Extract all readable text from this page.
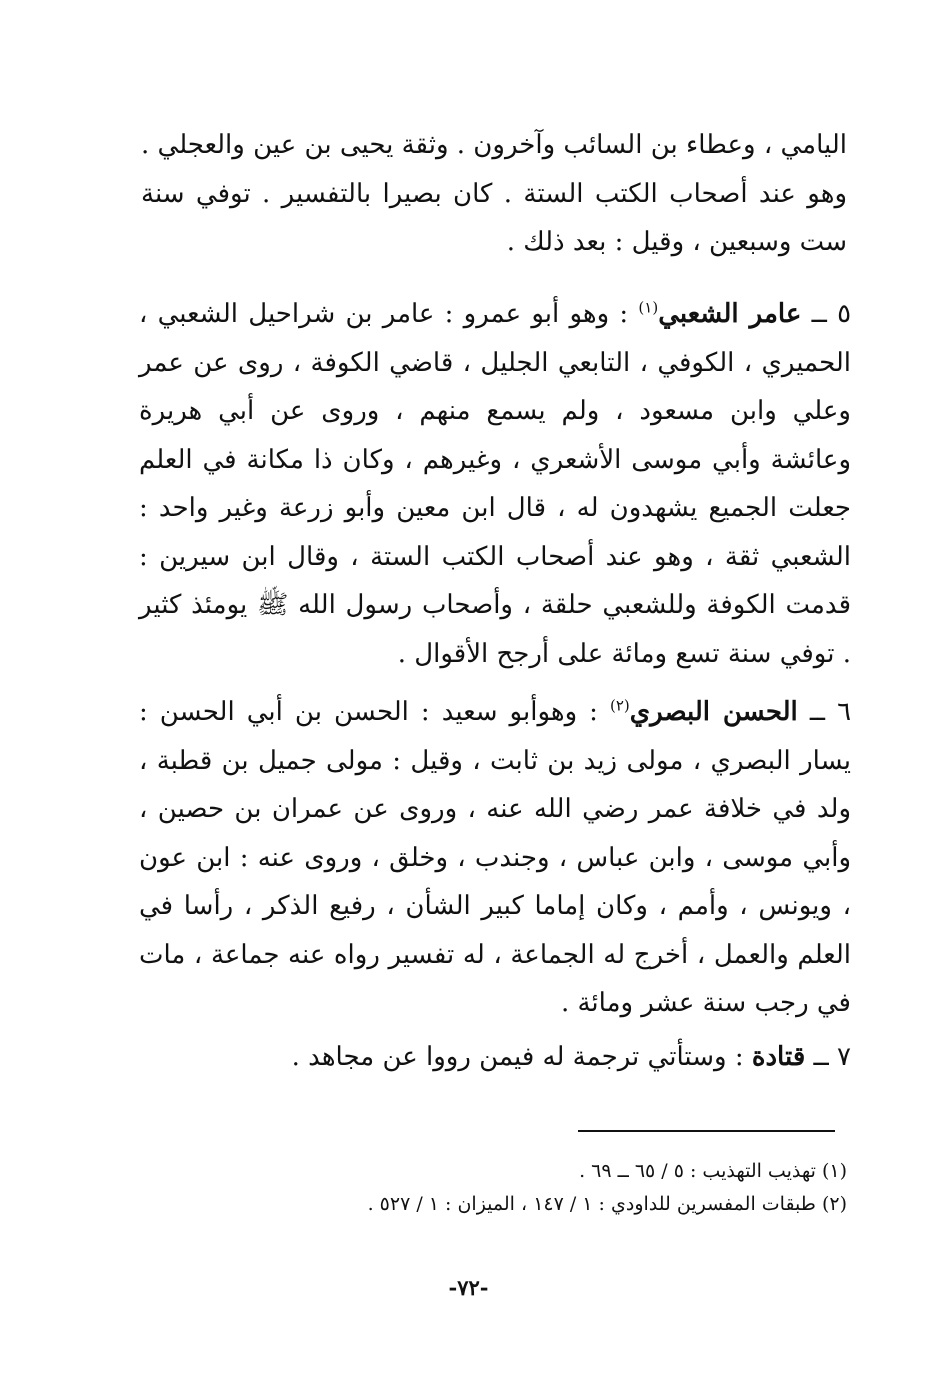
اليامي ، وعطاء بن السائب وآخرون . وثقة يحيى بن عين والعجلي . وهو عند أصحاب الكتب الستة . كان بصيرا بالتفسير . توفي سنة ست وسبعين ، وقيل : بعد ذلك .

٥ ــ عامر الشعبي$^{(١)}$ : وهو أبو عمرو : عامر بن شراحيل الشعبي ، الحميري ، الكوفي ، التابعي الجليل ، قاضي الكوفة ، روى عن عمر وعلي وابن مسعود ، ولم يسمع منهم ، وروى عن أبي هريرة وعائشة وأبي موسى الأشعري ، وغيرهم ، وكان ذا مكانة في العلم جعلت الجميع يشهدون له ، قال ابن معين وأبو زرعة وغير واحد : الشعبي ثقة ، وهو عند أصحاب الكتب الستة ، وقال ابن سيرين : قدمت الكوفة وللشعبي حلقة ، وأصحاب رسول الله ﷺ يومئذ كثير . توفي سنة تسع ومائة على أرجح الأقوال .

٦ ــ الحسن البصري$^{(٢)}$ : وهوأبو سعيد : الحسن بن أبي الحسن : يسار البصري ، مولى زيد بن ثابت ، وقيل : مولى جميل بن قطبة ، ولد في خلافة عمر رضي الله عنه ، وروى عن عمران بن حصين ، وأبي موسى ، وابن عباس ، وجندب ، وخلق ، وروى عنه : ابن عون ، ويونس ، وأمم ، وكان إماما كبير الشأن ، رفيع الذكر ، رأسا في العلم والعمل ، أخرج له الجماعة ، له تفسير رواه عنه جماعة ، مات في رجب سنة عشر ومائة .

٧ ــ قتادة : وستأتي ترجمة له فيمن رووا عن مجاهد .

(١) تهذيب التهذيب : ٥ / ٦٥ ــ ٦٩ .
(٢) طبقات المفسرين للداودي : ١ / ١٤٧ ، الميزان : ١ / ٥٢٧ .
-٧٢-
